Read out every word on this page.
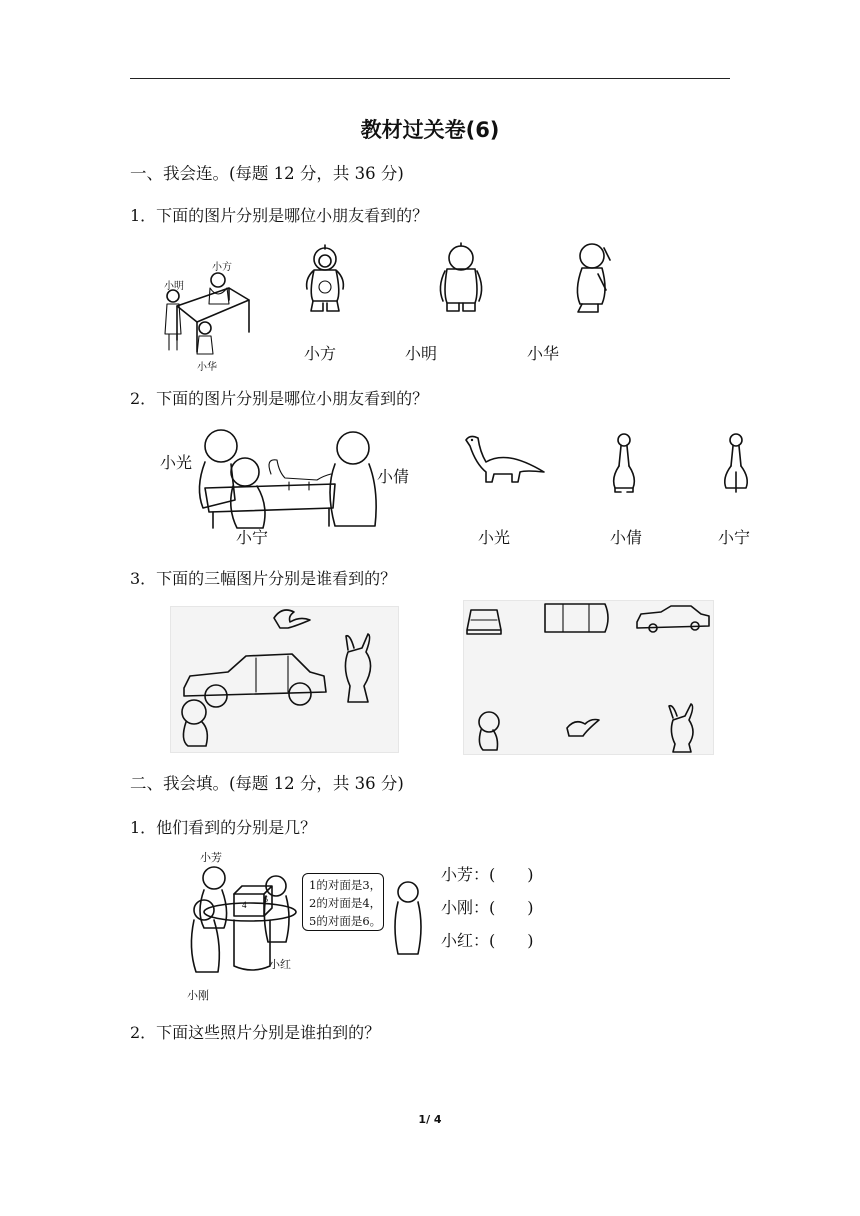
教材过关卷(6)
一、我会连。(每题 12 分，共 36 分)
1．下面的图片分别是哪位小朋友看到的？
小方
小明
小华
小方	小明	小华
2．下面的图片分别是哪位小朋友看到的？
小光
小倩
小宁	小光	小倩	小宁
3．下面的三幅图片分别是谁看到的？
二、我会填。(每题 12 分，共 36 分)
1．他们看到的分别是几？
4
5
小芳
小红
小刚
1的对面是3，
2的对面是4，
5的对面是6。
小芳：(　　)
小刚：(　　)
小红：(　　)
2．下面这些照片分别是谁拍到的？
1/ 4
